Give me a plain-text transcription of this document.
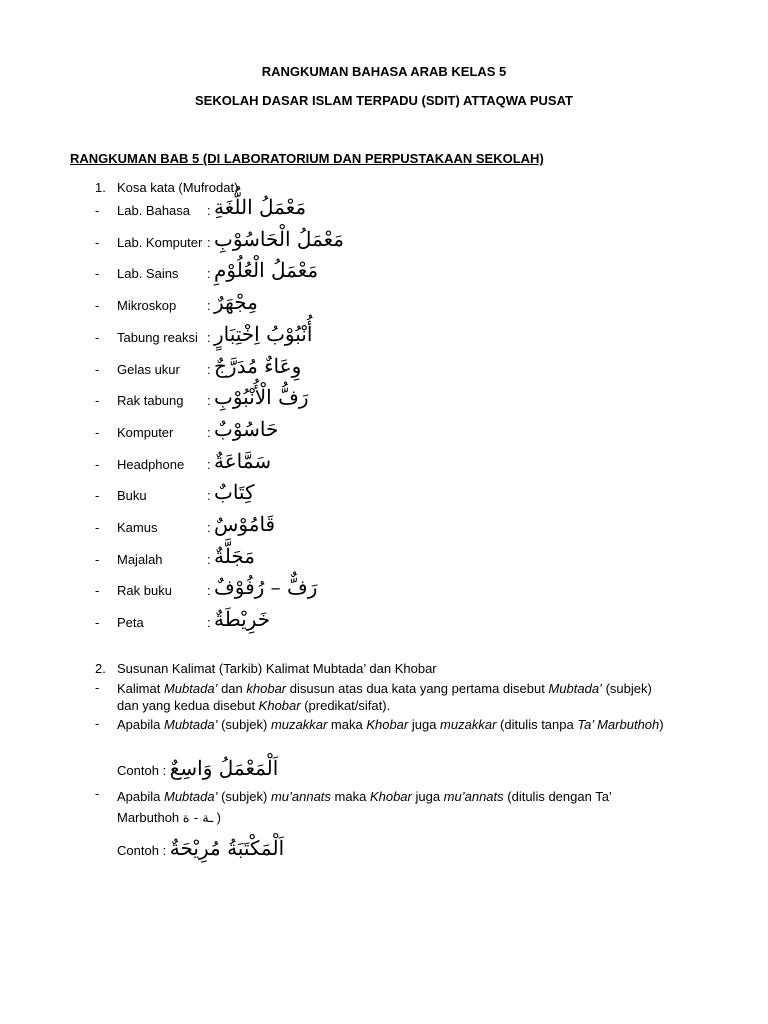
RANGKUMAN BAHASA ARAB KELAS 5
SEKOLAH DASAR ISLAM TERPADU (SDIT) ATTAQWA PUSAT
RANGKUMAN BAB 5 (DI LABORATORIUM DAN PERPUSTAKAAN SEKOLAH)
1. Kosa kata (Mufrodat)
- Lab. Bahasa : مَعْمَلُ اللُّغَةِ
- Lab. Komputer : مَعْمَلُ الْحَاسُوْبِ
- Lab. Sains : مَعْمَلُ الْعُلُوْمِ
- Mikroskop : مِجْهَرٌ
- Tabung reaksi : أُنْبُوْبُ اِخْتِبَارٍ
- Gelas ukur : وِعَاءٌ مُدَرَّجٌ
- Rak tabung : رَفُّ الْأُنْبُوْبِ
- Komputer	: حَاسُوْبٌ
- Headphone : سَمَّاعَةٌ
- Buku	: كِتَابٌ
- Kamus	: قَامُوْسٌ
- Majalah	: مَجَلَّةٌ
- Rak buku	: رَفٌّ – رُفُوْفٌ
- Peta	: خَرِيْطَةٌ
2. Susunan Kalimat (Tarkib) Kalimat Mubtada’ dan Khobar
- Kalimat Mubtada’ dan khobar disusun atas dua kata yang pertama disebut Mubtada’ (subjek) dan yang kedua disebut Khobar (predikat/sifat).
- Apabila Mubtada’ (subjek) muzakkar maka Khobar juga muzakkar (ditulis tanpa Ta’ Marbuthoh)
Contoh : اَلْمَعْمَلُ وَاسِعٌ
- Apabila Mubtada’ (subjek) mu’annats maka Khobar juga mu’annats (ditulis dengan Ta’ Marbuthoh ـة - ة )
Contoh : اَلْمَكْتَبَةُ مُرِيْحَةٌ
